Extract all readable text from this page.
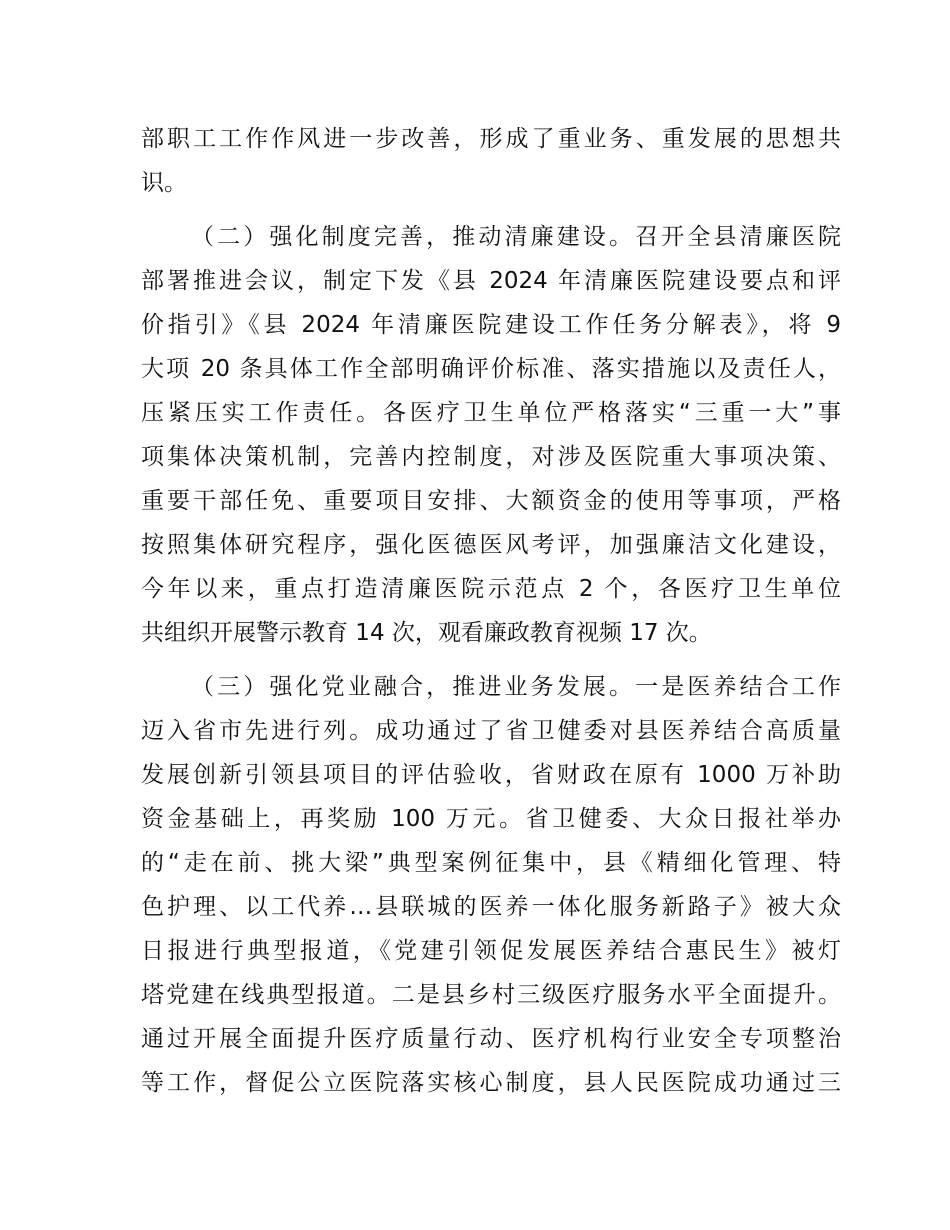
部职工工作作风进一步改善，形成了重业务、重发展的思想共
识。

（二）强化制度完善，推动清廉建设。召开全县清廉医院
部署推进会议，制定下发《县 2024 年清廉医院建设要点和评
价指引》《县 2024 年清廉医院建设工作任务分解表》，将 9
大项 20 条具体工作全部明确评价标准、落实措施以及责任人，
压紧压实工作责任。各医疗卫生单位严格落实“三重一大”事
项集体决策机制，完善内控制度，对涉及医院重大事项决策、
重要干部任免、重要项目安排、大额资金的使用等事项，严格
按照集体研究程序，强化医德医风考评，加强廉洁文化建设，
今年以来，重点打造清廉医院示范点 2 个，各医疗卫生单位
共组织开展警示教育 14 次，观看廉政教育视频 17 次。

（三）强化党业融合，推进业务发展。一是医养结合工作
迈入省市先进行列。成功通过了省卫健委对县医养结合高质量
发展创新引领县项目的评估验收，省财政在原有 1000 万补助
资金基础上，再奖励 100 万元。省卫健委、大众日报社举办
的“走在前、挑大梁”典型案例征集中，县《精细化管理、特
色护理、以工代养…县联城的医养一体化服务新路子》被大众
日报进行典型报道，《党建引领促发展医养结合惠民生》被灯
塔党建在线典型报道。二是县乡村三级医疗服务水平全面提升。
通过开展全面提升医疗质量行动、医疗机构行业安全专项整治
等工作，督促公立医院落实核心制度，县人民医院成功通过三
